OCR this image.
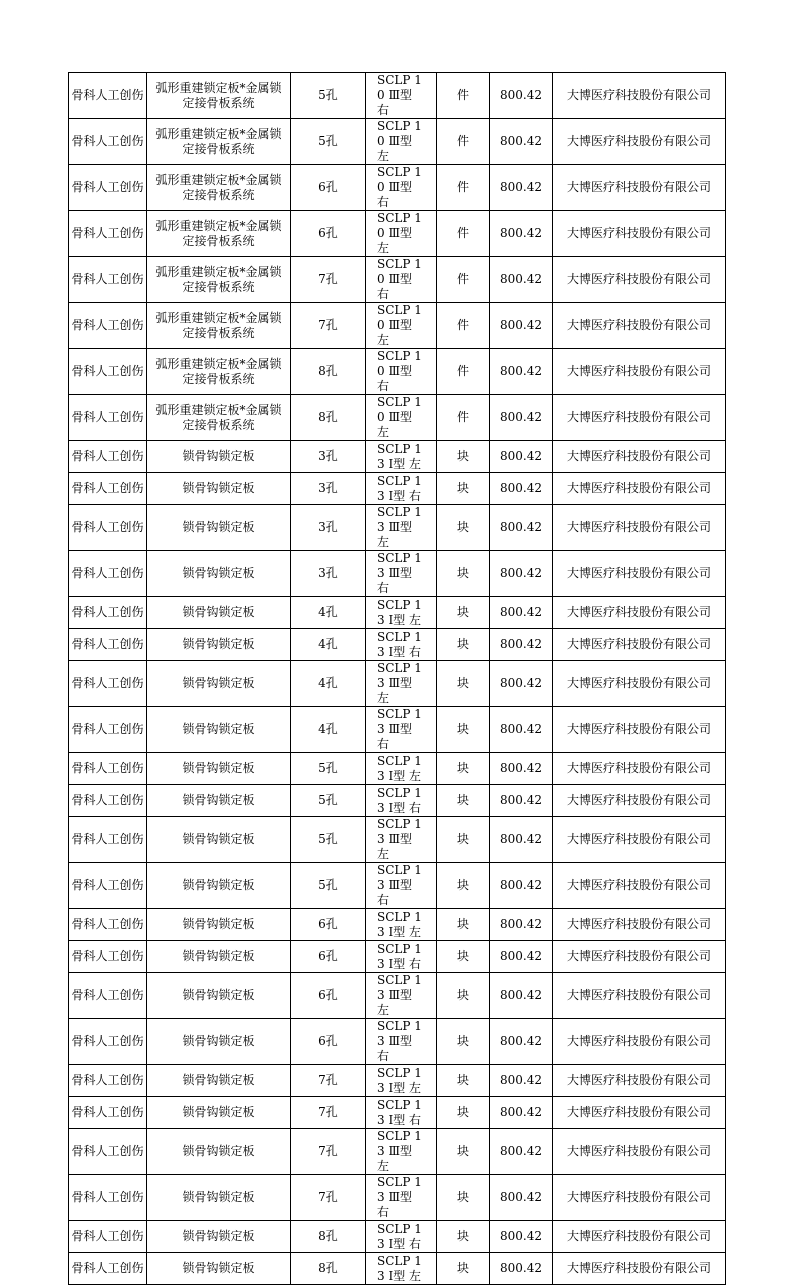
骨科人工创伤	弧形重建锁定板*金属锁定接骨板系统	5孔	SCLP 10 Ⅲ型 右	件	800.42	大博医疗科技股份有限公司
骨科人工创伤	弧形重建锁定板*金属锁定接骨板系统	5孔	SCLP 10 Ⅲ型 左	件	800.42	大博医疗科技股份有限公司
骨科人工创伤	弧形重建锁定板*金属锁定接骨板系统	6孔	SCLP 10 Ⅲ型 右	件	800.42	大博医疗科技股份有限公司
骨科人工创伤	弧形重建锁定板*金属锁定接骨板系统	6孔	SCLP 10 Ⅲ型 左	件	800.42	大博医疗科技股份有限公司
骨科人工创伤	弧形重建锁定板*金属锁定接骨板系统	7孔	SCLP 10 Ⅲ型 右	件	800.42	大博医疗科技股份有限公司
骨科人工创伤	弧形重建锁定板*金属锁定接骨板系统	7孔	SCLP 10 Ⅲ型 左	件	800.42	大博医疗科技股份有限公司
骨科人工创伤	弧形重建锁定板*金属锁定接骨板系统	8孔	SCLP 10 Ⅲ型 右	件	800.42	大博医疗科技股份有限公司
骨科人工创伤	弧形重建锁定板*金属锁定接骨板系统	8孔	SCLP 10 Ⅲ型 左	件	800.42	大博医疗科技股份有限公司
骨科人工创伤	锁骨钩锁定板	3孔	SCLP 13 Ⅰ型 左	块	800.42	大博医疗科技股份有限公司
骨科人工创伤	锁骨钩锁定板	3孔	SCLP 13 Ⅰ型 右	块	800.42	大博医疗科技股份有限公司
骨科人工创伤	锁骨钩锁定板	3孔	SCLP 13 Ⅲ型 左	块	800.42	大博医疗科技股份有限公司
骨科人工创伤	锁骨钩锁定板	3孔	SCLP 13 Ⅲ型 右	块	800.42	大博医疗科技股份有限公司
骨科人工创伤	锁骨钩锁定板	4孔	SCLP 13 Ⅰ型 左	块	800.42	大博医疗科技股份有限公司
骨科人工创伤	锁骨钩锁定板	4孔	SCLP 13 Ⅰ型 右	块	800.42	大博医疗科技股份有限公司
骨科人工创伤	锁骨钩锁定板	4孔	SCLP 13 Ⅲ型 左	块	800.42	大博医疗科技股份有限公司
骨科人工创伤	锁骨钩锁定板	4孔	SCLP 13 Ⅲ型 右	块	800.42	大博医疗科技股份有限公司
骨科人工创伤	锁骨钩锁定板	5孔	SCLP 13 Ⅰ型 左	块	800.42	大博医疗科技股份有限公司
骨科人工创伤	锁骨钩锁定板	5孔	SCLP 13 Ⅰ型 右	块	800.42	大博医疗科技股份有限公司
骨科人工创伤	锁骨钩锁定板	5孔	SCLP 13 Ⅲ型 左	块	800.42	大博医疗科技股份有限公司
骨科人工创伤	锁骨钩锁定板	5孔	SCLP 13 Ⅲ型 右	块	800.42	大博医疗科技股份有限公司
骨科人工创伤	锁骨钩锁定板	6孔	SCLP 13 Ⅰ型 左	块	800.42	大博医疗科技股份有限公司
骨科人工创伤	锁骨钩锁定板	6孔	SCLP 13 Ⅰ型 右	块	800.42	大博医疗科技股份有限公司
骨科人工创伤	锁骨钩锁定板	6孔	SCLP 13 Ⅲ型 左	块	800.42	大博医疗科技股份有限公司
骨科人工创伤	锁骨钩锁定板	6孔	SCLP 13 Ⅲ型 右	块	800.42	大博医疗科技股份有限公司
骨科人工创伤	锁骨钩锁定板	7孔	SCLP 13 Ⅰ型 左	块	800.42	大博医疗科技股份有限公司
骨科人工创伤	锁骨钩锁定板	7孔	SCLP 13 Ⅰ型 右	块	800.42	大博医疗科技股份有限公司
骨科人工创伤	锁骨钩锁定板	7孔	SCLP 13 Ⅲ型 左	块	800.42	大博医疗科技股份有限公司
骨科人工创伤	锁骨钩锁定板	7孔	SCLP 13 Ⅲ型 右	块	800.42	大博医疗科技股份有限公司
骨科人工创伤	锁骨钩锁定板	8孔	SCLP 13 Ⅰ型 右	块	800.42	大博医疗科技股份有限公司
骨科人工创伤	锁骨钩锁定板	8孔	SCLP 13 Ⅰ型 左	块	800.42	大博医疗科技股份有限公司
